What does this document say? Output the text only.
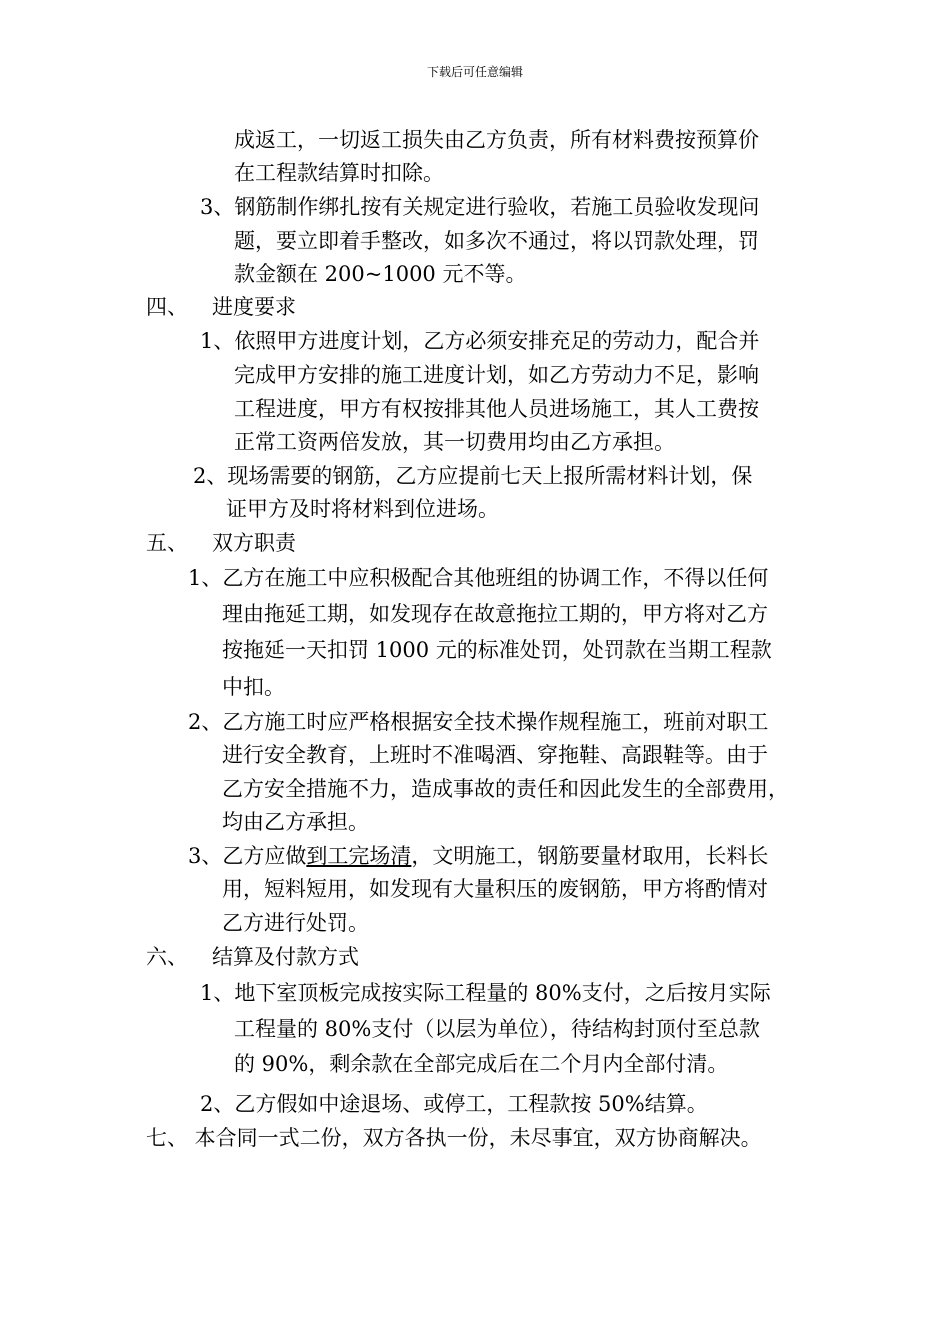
下载后可任意编辑
成返工，一切返工损失由乙方负责，所有材料费按预算价
在工程款结算时扣除。
3、钢筋制作绑扎按有关规定进行验收，若施工员验收发现问
题，要立即着手整改，如多次不通过，将以罚款处理，罚
款金额在 200~1000 元不等。
四、 进度要求
1、依照甲方进度计划，乙方必须安排充足的劳动力，配合并
完成甲方安排的施工进度计划，如乙方劳动力不足，影响
工程进度，甲方有权按排其他人员进场施工，其人工费按
正常工资两倍发放，其一切费用均由乙方承担。
2、现场需要的钢筋，乙方应提前七天上报所需材料计划，保
证甲方及时将材料到位进场。
五、 双方职责
1、乙方在施工中应积极配合其他班组的协调工作，不得以任何
理由拖延工期，如发现存在故意拖拉工期的，甲方将对乙方
按拖延一天扣罚 1000 元的标准处罚，处罚款在当期工程款
中扣。
2、乙方施工时应严格根据安全技术操作规程施工，班前对职工
进行安全教育，上班时不准喝酒、穿拖鞋、高跟鞋等。由于
乙方安全措施不力，造成事故的责任和因此发生的全部费用，
均由乙方承担。
3、乙方应做到工完场清，文明施工，钢筋要量材取用，长料长
用，短料短用，如发现有大量积压的废钢筋，甲方将酌情对
乙方进行处罚。
六、 结算及付款方式
1、地下室顶板完成按实际工程量的 80%支付，之后按月实际
工程量的 80%支付（以层为单位），待结构封顶付至总款
的 90%，剩余款在全部完成后在二个月内全部付清。
2、乙方假如中途退场、或停工，工程款按 50%结算。
七、 本合同一式二份，双方各执一份，未尽事宜，双方协商解决。
